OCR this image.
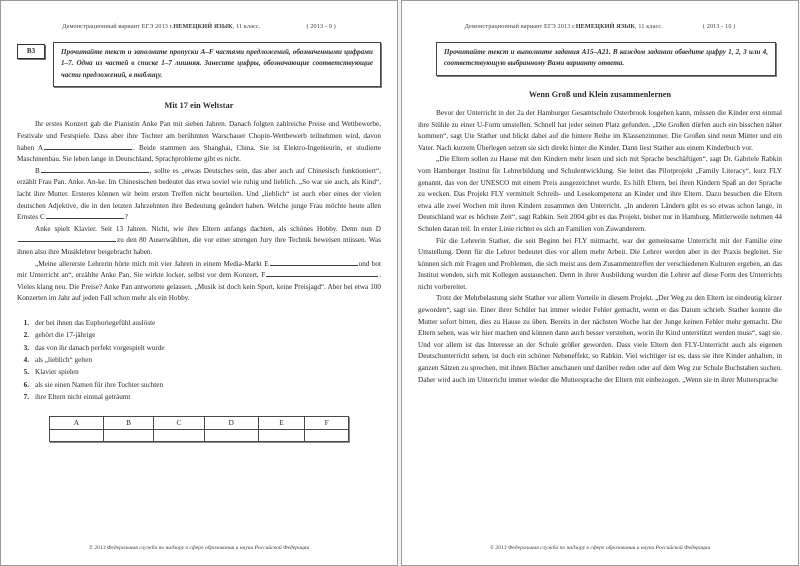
Демонстрационный вариант ЕГЭ 2013 г. НЕМЕЦКИЙ ЯЗЫК , 11 класс.	( 2013 - 9 )
B3	Прочитайте текст и заполните пропуски A–F частями предложений, обозначенными цифрами 1–7. Одна из частей в списке 1–7 лишняя. Занесите цифры, обозначающие соответствующие части предложений, в таблицу.

Mit 17 ein Weltstar

Ihr erstes Konzert gab die Pianistin Anke Pan mit sieben Jahren. Danach folgten zahlreiche Preise und Wettbewerbe, Festivale und Festspiele. Dass aber ihre Tochter am berühmten Warschauer Chopin-Wettbewerb teilnehmen wird, davon haben A	. Beide stammen aus Shanghai, China. Sie ist Elektro-Ingenieurin, er studierte Maschinenbau. Sie leben lange in Deutschland, Sprachprobleme gibt es nicht.

B	, sollte es „etwas Deutsches sein, das aber auch auf Chinesisch funktioniert“, erzählt Frau Pan. Anke. An-ke. Im Chinesischen bedeutet das etwa soviel wie ruhig und lieblich. „So war sie auch, als Kind“, lacht ihre Mutter. Ersteres können wir beim ersten Treffen nicht beurteilen. Und „lieblich“ ist auch eher eines der vielen deutschen Adjektive, die in den letzten Jahrzehnten ihre Bedeutung geändert haben. Welche junge Frau möchte heute allen Ernstes C	?

Anke spielt Klavier. Seit 13 Jahren. Nicht, wie ihre Eltern anfangs dachten, als schönes Hobby. Denn nun Dzu den 80 Auserwählten, die vor einer strengen Jury ihre Technik beweisen müssen. Was ihnen also ihre Musiklehrer beigebracht haben.

„Meine allererste Lehrerin hörte mich mit vier Jahren in einem Media-Markt E	und bot mir Unterricht an“, erzählte Anke Pan. Sie wirkte locker, selbst vor dem Konzert, F	. Vieles klang neu. Die Preise? Anke Pan antwortete gelassen. „Musik ist doch kein Sport, keine Preisjagd“. Aber bei etwa 100 Konzerten im Jahr auf jeden Fall schon mehr als ein Hobby.

1. der bei ihnen das Euphoriegefühl auslöste
2. gehört die 17-jährige
3. das von ihr danach perfekt vorgespielt wurde
4. als „lieblich“ gelten
5. Klavier spielen
6. als sie einen Namen für ihre Tochter suchten
7. ihre Eltern nicht einmal geträumt
A	B	C	D	E	F

© 2013 Федеральная служба по надзору в сфере образования и науки Российской Федерации
Демонстрационный вариант ЕГЭ 2013 г. НЕМЕЦКИЙ ЯЗЫК , 11 класс.	( 2013 - 10 )

Прочитайте текст и выполните задания A15–A21. В каждом задании обведите цифру 1, 2, 3 или 4, соответствующую выбранному Вами варианту ответа.

Wenn Groß und Klein zusammenlernen

Bevor der Unterricht in der 2a der Hamburger Gesamtschule Osterbrook losgehen kann, müssen die Kinder erst einmal ihre Stühle zu einer U-Form umstellen. Schnell hat jeder seinen Platz gefunden. „Die Großen dürfen auch ein bisschen näher kommen“, sagt Ute Stather und blickt dabei auf die hintere Reihe im Klassenzimmer. Die Großen sind neun Mütter und ein Vater. Nach kurzem Überlegen setzen sie sich direkt hinter die Kinder. Dann liest Stather aus einem Kinderbuch vor.

„Die Eltern sollen zu Hause mit den Kindern mehr lesen und sich mit Sprache beschäftigen“, sagt Dr. Gabriele Rabkin vom Hamburger Institut für Lehrerbildung und Schulentwicklung. Sie leitet das Pilotprojekt „Family Literacy“, kurz FLY genannt, das von der UNESCO mit einem Preis ausgezeichnet wurde. Es hilft Eltern, bei ihren Kindern Spaß an der Sprache zu wecken. Das Projekt FLY vermittelt Schreib- und Lesekompetenz an Kinder und ihre Eltern. Dazu besuchen die Eltern etwa alle zwei Wochen mit ihren Kindern zusammen den Unterricht. „In anderen Ländern gibt es so etwas schon lange, in Deutschland war es höchste Zeit“, sagt Rabkin. Seit 2004 gibt es das Projekt, bisher nur in Hamburg. Mittlerweile nehmen 44 Schulen daran teil. In erster Linie richtet es sich an Familien von Zuwanderern.

Für die Lehrerin Stather, die seit Beginn bei FLY mitmacht, war der gemeinsame Unterricht mit der Familie eine Umstellung. Denn für die Lehrer bedeutet dies vor allem mehr Arbeit. Die Lehrer werden aber in der Praxis begleitet. Sie können sich mit Fragen und Problemen, die sich meist aus dem Zusammentreffen der verschiedenen Kulturen ergeben, an das Institut wenden, sich mit Kollegen austauschen. Denn in ihrer Ausbildung wurden die Lehrer auf diese Form des Unterrichts nicht vorbereitet.

Trotz der Mehrbelastung sieht Stather vor allem Vorteile in diesem Projekt. „Der Weg zu den Eltern ist eindeutig kürzer geworden“, sagt sie. Einer ihrer Schüler hat immer wieder Fehler gemacht, wenn er das Datum schrieb. Stather konnte die Mutter sofort bitten, dies zu Hause zu üben. Bereits in der nächsten Woche hat der Junge keinen Fehler mehr gemacht. Die Eltern sehen, was wir hier machen und können dann auch besser verstehen, worin ihr Kind unterstützt werden muss“, sagt sie. Und vor allem ist das Interesse an der Schule größer geworden. Dass viele Eltern den FLY-Unterricht auch als eigenen Deutschunterricht sehen, ist doch ein schöner Nebeneffekt, so Rabkin. Viel wichtiger ist es, dass sie ihre Kinder anhalten, in ganzen Sätzen zu sprechen, mit ihnen Bücher anschauen und darüber reden oder auf dem Weg zur Schule Buchstaben suchen. Daher wird auch im Unterricht immer wieder die Muttersprache der Eltern mit einbezogen. „Wenn sie in ihrer Muttersprache

© 2013 Федеральная служба по надзору в сфере образования и науки Российской Федерации
